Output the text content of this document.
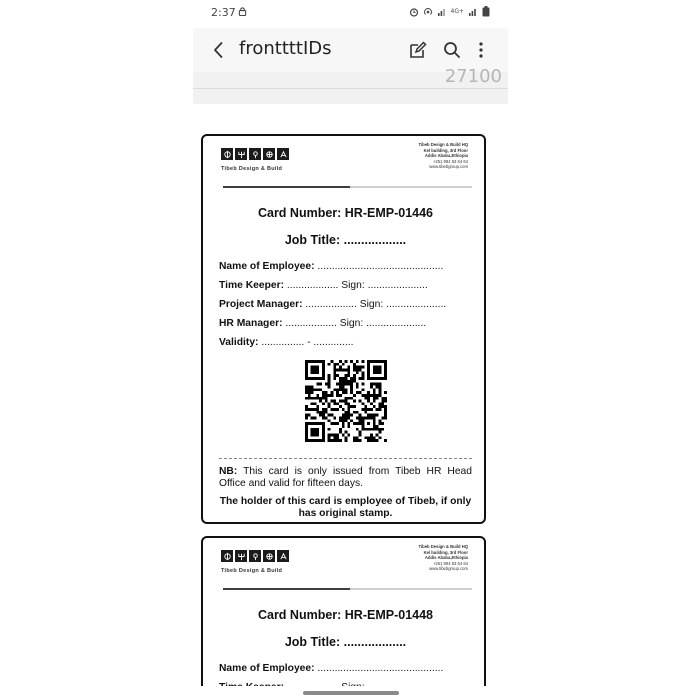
2:37	4G+
fronttttIDs
27100
Tibeb Design & Build
Tibeb Design & Build HQ
Kel building, 3rd Floor
Addis Ababa,Ethiopia
+251 994 63 64 64
www.tibebgroup.com
Card Number: HR-EMP-01446
Job Title: ..................
Name of Employee: ............................................
Time Keeper: .................. Sign: .....................
Project Manager: .................. Sign: .....................
HR Manager: .................. Sign: .....................
Validity: ............... - ..............
NB: This card is only issued from Tibeb HR Head Office and valid for fifteen days.
The holder of this card is employee of Tibeb, if only has original stamp.
Tibeb Design & Build
Tibeb Design & Build HQ
Kel building, 3rd Floor
Addis Ababa,Ethiopia
+251 994 63 64 64
www.tibebgroup.com
Card Number: HR-EMP-01448
Job Title: ..................
Name of Employee: ............................................
